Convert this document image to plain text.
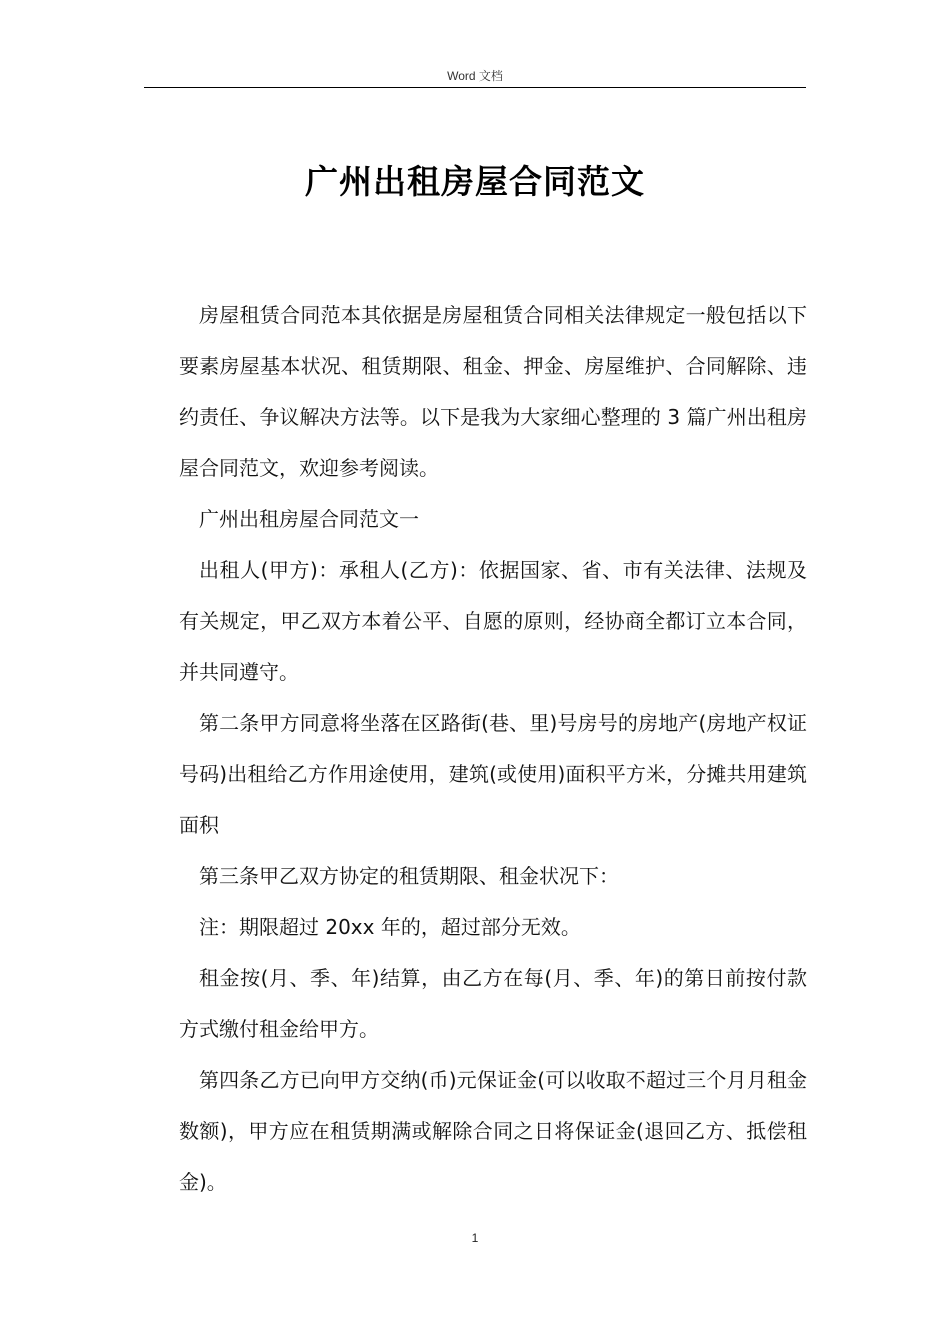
Word 文档
广州出租房屋合同范文

房屋租赁合同范本其依据是房屋租赁合同相关法律规定一般包括以下要素房屋基本状况、租赁期限、租金、押金、房屋维护、合同解除、违约责任、争议解决方法等。以下是我为大家细心整理的 3 篇广州出租房屋合同范文，欢迎参考阅读。

广州出租房屋合同范文一

出租人(甲方)：承租人(乙方)：依据国家、省、市有关法律、法规及有关规定，甲乙双方本着公平、自愿的原则，经协商全都订立本合同，并共同遵守。

第二条甲方同意将坐落在区路街(巷、里)号房号的房地产(房地产权证号码)出租给乙方作用途使用，建筑(或使用)面积平方米，分摊共用建筑面积

第三条甲乙双方协定的租赁期限、租金状况下：

注：期限超过 20xx 年的，超过部分无效。

租金按(月、季、年)结算，由乙方在每(月、季、年)的第日前按付款方式缴付租金给甲方。

第四条乙方已向甲方交纳(币)元保证金(可以收取不超过三个月月租金数额)，甲方应在租赁期满或解除合同之日将保证金(退回乙方、抵偿租金)。

1
